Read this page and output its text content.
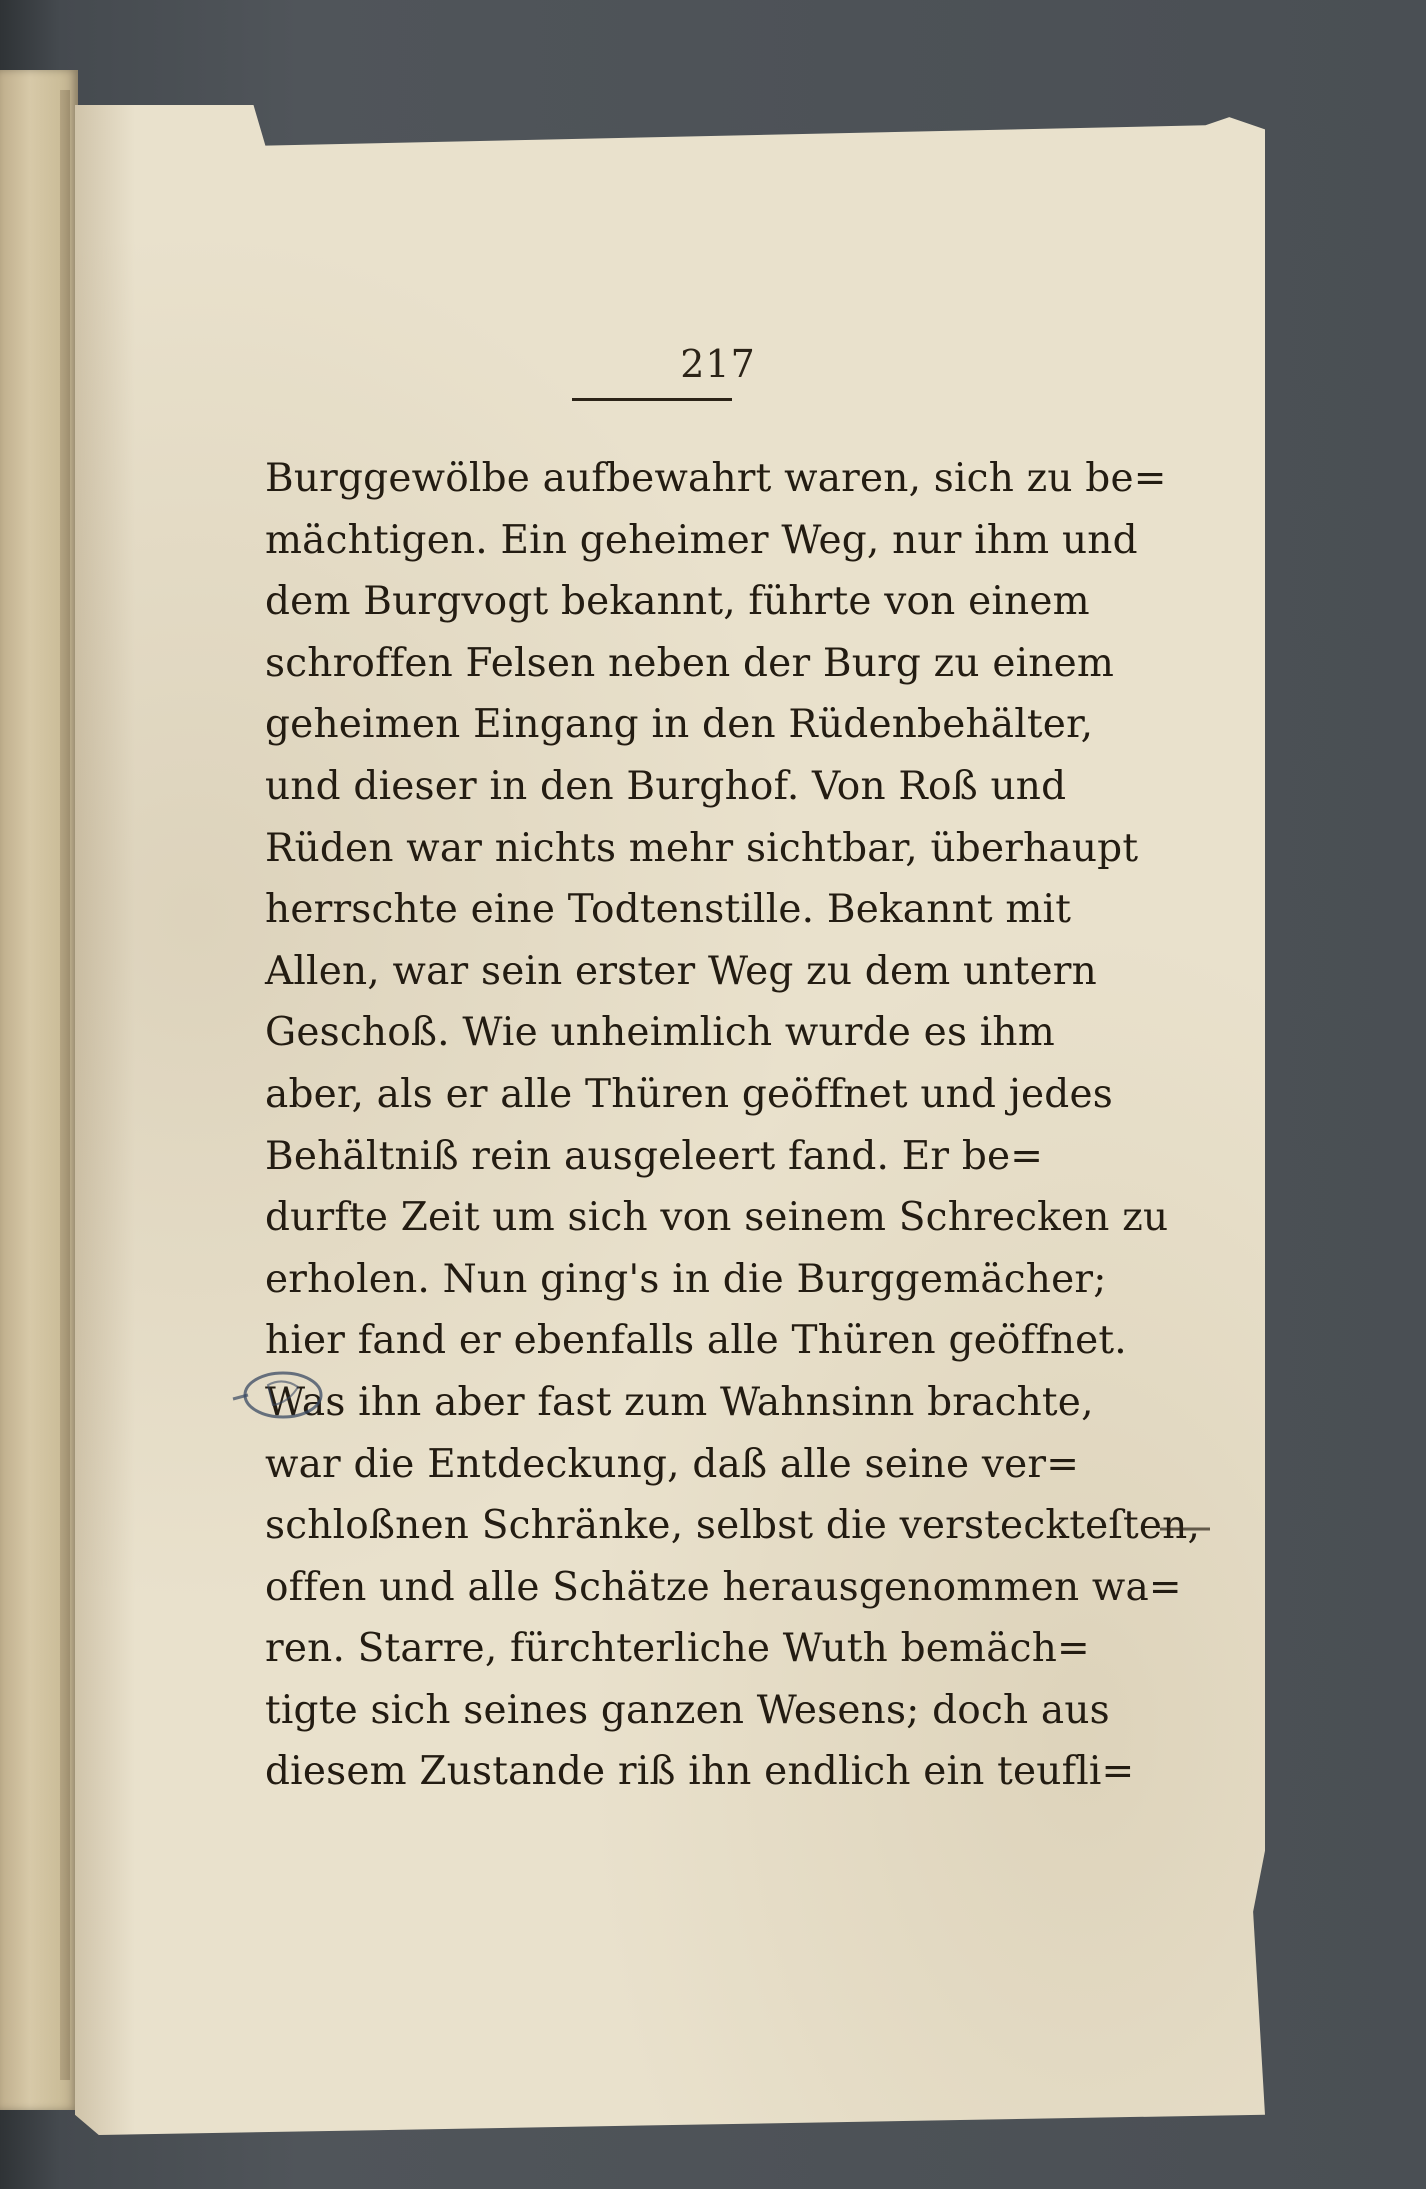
217
Burggewölbe aufbewahrt waren, sich zu be=
mächtigen. Ein geheimer Weg, nur ihm und
dem Burgvogt bekannt, führte von einem
schroffen Felsen neben der Burg zu einem
geheimen Eingang in den Rüdenbehälter,
und dieser in den Burghof. Von Roß und
Rüden war nichts mehr sichtbar, überhaupt
herrschte eine Todtenstille. Bekannt mit
Allen, war sein erster Weg zu dem untern
Geschoß. Wie unheimlich wurde es ihm
aber, als er alle Thüren geöffnet und jedes
Behältniß rein ausgeleert fand. Er be=
durfte Zeit um sich von seinem Schrecken zu
erholen. Nun ging's in die Burggemächer;
hier fand er ebenfalls alle Thüren geöffnet.
Was ihn aber fast zum Wahnsinn brachte,
war die Entdeckung, daß alle seine ver=
schloßnen Schränke, selbst die versteckteſten,
offen und alle Schätze herausgenommen wa=
ren. Starre, fürchterliche Wuth bemäch=
tigte sich seines ganzen Wesens; doch aus
diesem Zustande riß ihn endlich ein teufli=
